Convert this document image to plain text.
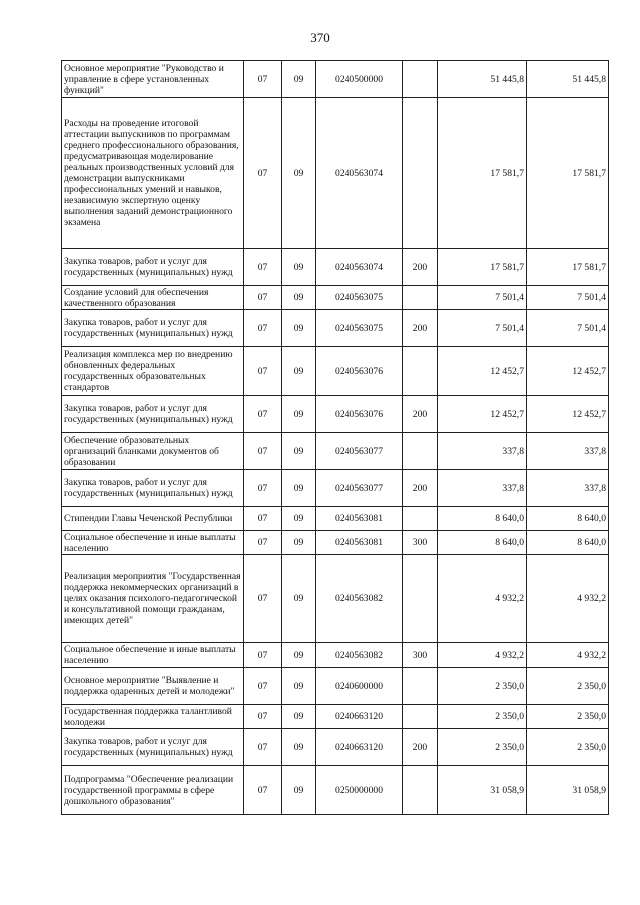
370
Основное мероприятие "Руководство и управление в сфере установленных функций"	07	09	0240500000		51 445,8	51 445,8
Расходы на проведение итоговой аттестации выпускников по программам среднего профессионального образования, предусматривающая моделирование реальных производственных условий для демонстрации выпускниками профессиональных умений и навыков, независимую экспертную оценку выполнения заданий демонстрационного экзамена	07	09	0240563074		17 581,7	17 581,7
Закупка товаров, работ и услуг для государственных (муниципальных) нужд	07	09	0240563074	200	17 581,7	17 581,7
Создание условий для обеспечения качественного образования	07	09	0240563075		7 501,4	7 501,4
Закупка товаров, работ и услуг для государственных (муниципальных) нужд	07	09	0240563075	200	7 501,4	7 501,4
Реализация комплекса мер по внедрению обновленных федеральных государственных образовательных стандартов	07	09	0240563076		12 452,7	12 452,7
Закупка товаров, работ и услуг для государственных (муниципальных) нужд	07	09	0240563076	200	12 452,7	12 452,7
Обеспечение образовательных организаций бланками документов об образовании	07	09	0240563077		337,8	337,8
Закупка товаров, работ и услуг для государственных (муниципальных) нужд	07	09	0240563077	200	337,8	337,8
Стипендии Главы Чеченской Республики	07	09	0240563081		8 640,0	8 640,0
Социальное обеспечение и иные выплаты населению	07	09	0240563081	300	8 640,0	8 640,0
Реализация мероприятия "Государственная поддержка некоммерческих организаций в целях оказания психолого-педагогической и консультативной помощи гражданам, имеющих детей"	07	09	0240563082		4 932,2	4 932,2
Социальное обеспечение и иные выплаты населению	07	09	0240563082	300	4 932,2	4 932,2
Основное мероприятие "Выявление и поддержка одаренных детей и молодежи"	07	09	0240600000		2 350,0	2 350,0
Государственная поддержка талантливой молодежи	07	09	0240663120		2 350,0	2 350,0
Закупка товаров, работ и услуг для государственных (муниципальных) нужд	07	09	0240663120	200	2 350,0	2 350,0
Подпрограмма "Обеспечение реализации государственной программы в сфере дошкольного образования"	07	09	0250000000		31 058,9	31 058,9
